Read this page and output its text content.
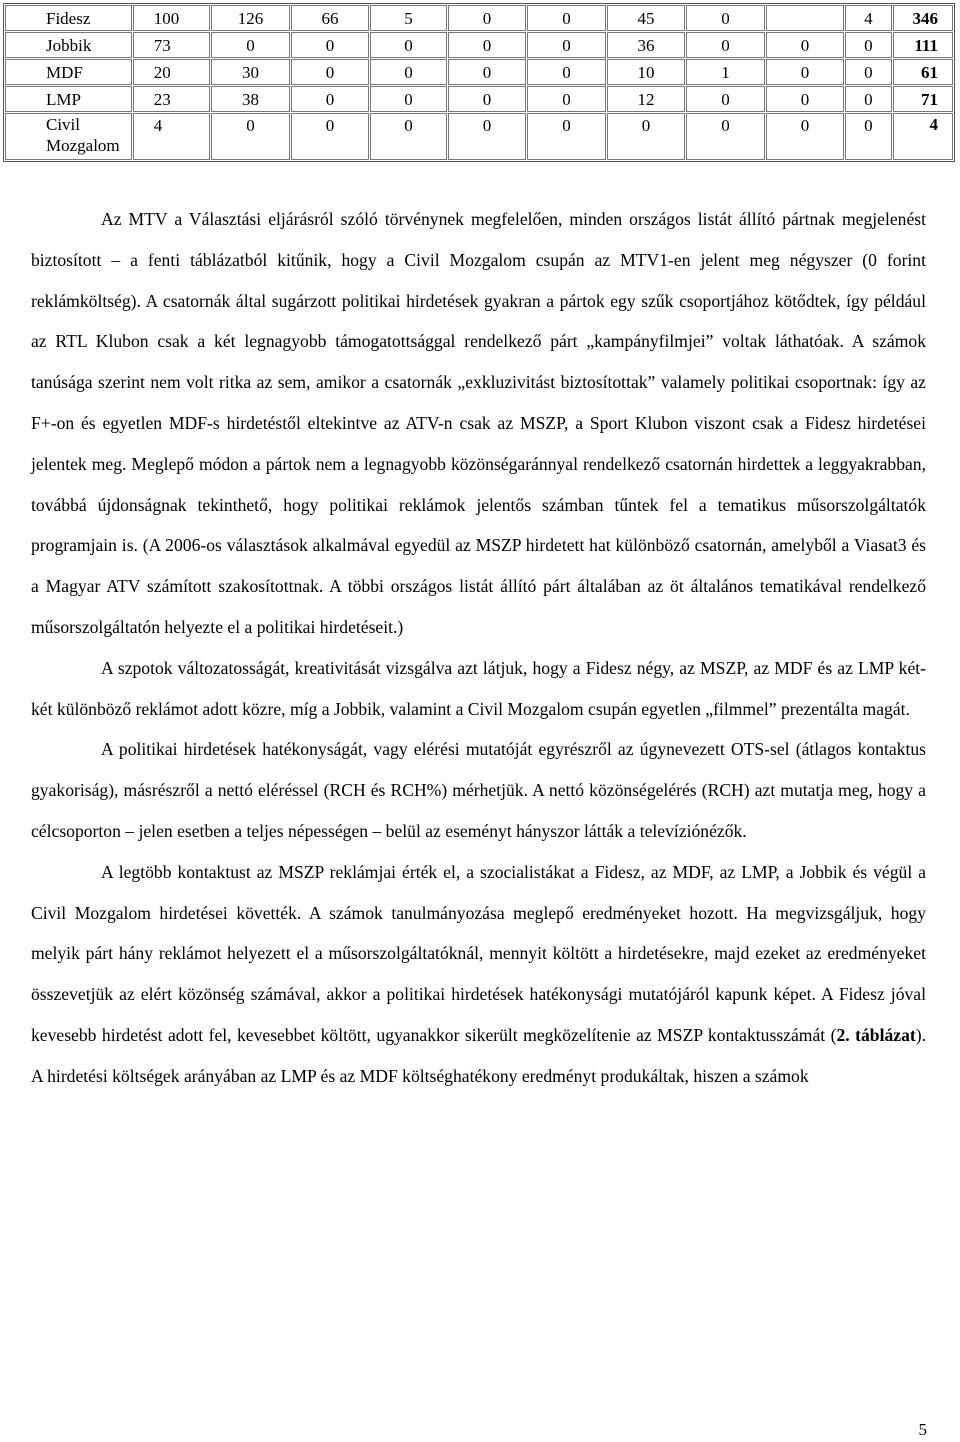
Fidesz	100	126	66	5	0	0	45	0		4	346
Jobbik	73	0	0	0	0	0	36	0	0	0	111
MDF	20	30	0	0	0	0	10	1	0	0	61
LMP	23	38	0	0	0	0	12	0	0	0	71

Civil
Mozgalom	4	0	0	0	0	0	0	0	0	0	4

Az MTV a Választási eljárásról szóló törvénynek megfelelően, minden országos listát állító pártnak megjelenést biztosított – a fenti táblázatból kitűnik, hogy a Civil Mozgalom csupán az MTV1-en jelent meg négyszer (0 forint reklámköltség). A csatornák által sugárzott politikai hirdetések gyakran a pártok egy szűk csoportjához kötődtek, így például az RTL Klubon csak a két legnagyobb támogatottsággal rendelkező párt „kampányfilmjei” voltak láthatóak. A számok tanúsága szerint nem volt ritka az sem, amikor a csatornák „exkluzivitást biztosítottak” valamely politikai csoportnak: így az F+-on és egyetlen MDF-s hirdetéstől eltekintve az ATV-n csak az MSZP, a Sport Klubon viszont csak a Fidesz hirdetései jelentek meg. Meglepő módon a pártok nem a legnagyobb közönségaránnyal rendelkező csatornán hirdettek a leggyakrabban, továbbá újdonságnak tekinthető, hogy politikai reklámok jelentős számban tűntek fel a tematikus műsorszolgáltatók programjain is. (A 2006-os választások alkalmával egyedül az MSZP hirdetett hat különböző csatornán, amelyből a Viasat3 és a Magyar ATV számított szakosítottnak. A többi országos listát állító párt általában az öt általános tematikával rendelkező műsorszolgáltatón helyezte el a politikai hirdetéseit.)

A szpotok változatosságát, kreativitását vizsgálva azt látjuk, hogy a Fidesz négy, az MSZP, az MDF és az LMP két-két különböző reklámot adott közre, míg a Jobbik, valamint a Civil Mozgalom csupán egyetlen „filmmel” prezentálta magát.

A politikai hirdetések hatékonyságát, vagy elérési mutatóját egyrészről az úgynevezett OTS-sel (átlagos kontaktus gyakoriság), másrészről a nettó eléréssel (RCH és RCH%) mérhetjük. A nettó közönségelérés (RCH) azt mutatja meg, hogy a célcsoporton – jelen esetben a teljes népességen – belül az eseményt hányszor látták a televíziónézők.

A legtöbb kontaktust az MSZP reklámjai érték el, a szocialistákat a Fidesz, az MDF, az LMP, a Jobbik és végül a Civil Mozgalom hirdetései követték. A számok tanulmányozása meglepő eredményeket hozott. Ha megvizsgáljuk, hogy melyik párt hány reklámot helyezett el a műsorszolgáltatóknál, mennyit költött a hirdetésekre, majd ezeket az eredményeket összevetjük az elért közönség számával, akkor a politikai hirdetések hatékonysági mutatójáról kapunk képet. A Fidesz jóval kevesebb hirdetést adott fel, kevesebbet költött, ugyanakkor sikerült megközelítenie az MSZP kontaktusszámát (2. táblázat). A hirdetési költségek arányában az LMP és az MDF költséghatékony eredményt produkáltak, hiszen a számok

5
